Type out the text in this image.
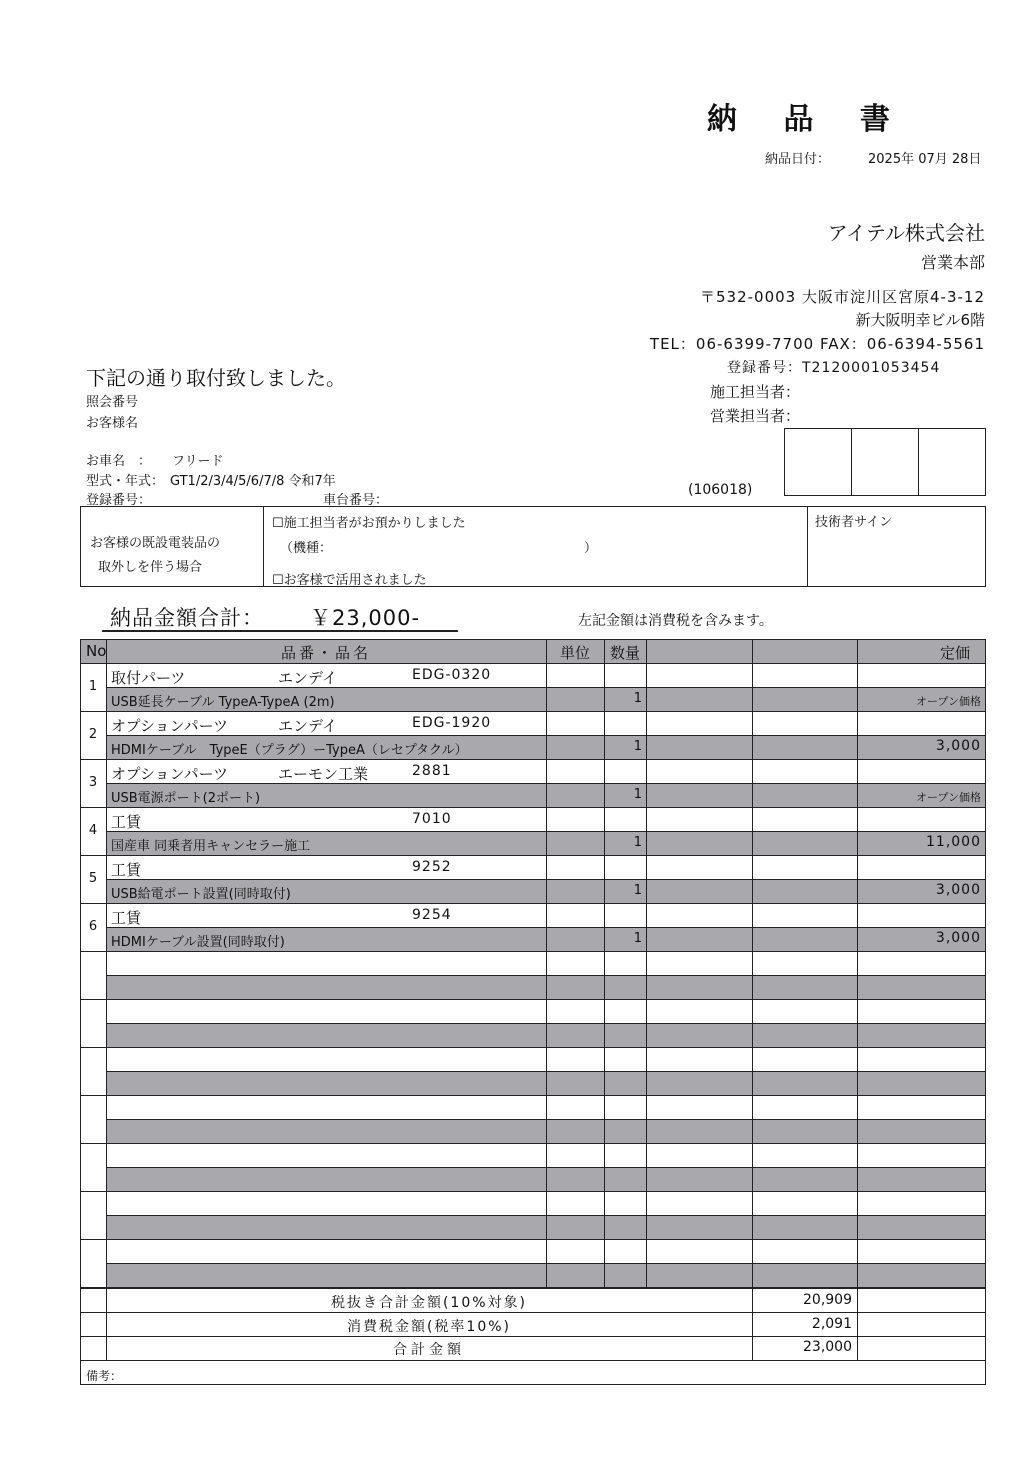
納 品 書
納品日付：	2025年 07月 28日
アイテル株式会社
営業本部
〒532-0003 大阪市淀川区宮原4-3-12
新大阪明幸ビル6階
TEL：06-6399-7700 FAX：06-6394-5561
登録番号：T2120001053454
施工担当者：
営業担当者：
下記の通り取付致しました。
照会番号
お客様名
お車名　： フリード
型式・年式： GT1/2/3/4/5/6/7/8 令和7年
登録番号：	車台番号：
(106018)
お客様の既設電装品の
取外しを伴う場合
☐施工担当者がお預かりしました
（機種：	）
☐お客様で活用されました
技術者サイン
納品金額合計： ￥23,000-	左記金額は消費税を含みます。
No	品番・品名	単位	数量	定価
1 取付パーツ	エンデイ	EDG-0320
USB延長ケーブル TypeA-TypeA (2m)	1	オープン価格
2 オプションパーツ	エンデイ	EDG-1920
HDMIケーブル　TypeE（プラグ）ーTypeA（レセプタクル）	1	3,000
3 オプションパーツ	エーモン工業	2881
USB電源ポート(2ポート)	1	オープン価格
4 工賃	7010
国産車 同乗者用キャンセラー施工	1	11,000
5 工賃	9252
USB給電ポート設置(同時取付)	1	3,000
6 工賃	9254
HDMIケーブル設置(同時取付)	1	3,000
税抜き合計金額(10%対象)	20,909
消費税金額(税率10%)	2,091
合計金額	23,000
備考：
